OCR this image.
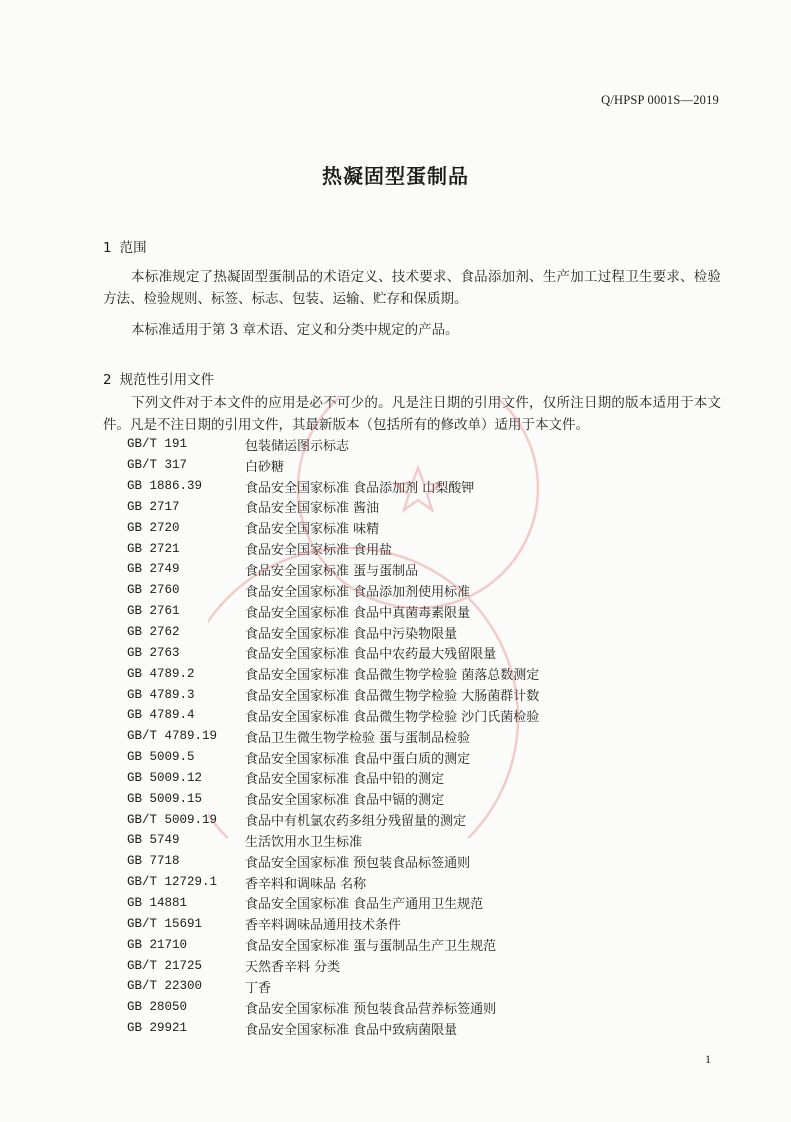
Q/HPSP 0001S—2019
热凝固型蛋制品
1 范围
本标准规定了热凝固型蛋制品的术语定义、技术要求、食品添加剂、生产加工过程卫生要求、检验方法、检验规则、标签、标志、包装、运输、贮存和保质期。
本标准适用于第 3 章术语、定义和分类中规定的产品。
2 规范性引用文件
下列文件对于本文件的应用是必不可少的。凡是注日期的引用文件，仅所注日期的版本适用于本文件。凡是不注日期的引用文件，其最新版本（包括所有的修改单）适用于本文件。
GB/T 191	包装储运图示标志
GB/T 317	白砂糖
GB 1886.39	食品安全国家标准 食品添加剂 山梨酸钾
GB 2717	食品安全国家标准 酱油
GB 2720	食品安全国家标准 味精
GB 2721	食品安全国家标准 食用盐
GB 2749	食品安全国家标准 蛋与蛋制品
GB 2760	食品安全国家标准 食品添加剂使用标准
GB 2761	食品安全国家标准 食品中真菌毒素限量
GB 2762	食品安全国家标准 食品中污染物限量
GB 2763	食品安全国家标准 食品中农药最大残留限量
GB 4789.2	食品安全国家标准 食品微生物学检验 菌落总数测定
GB 4789.3	食品安全国家标准 食品微生物学检验 大肠菌群计数
GB 4789.4	食品安全国家标准 食品微生物学检验 沙门氏菌检验
GB/T 4789.19	食品卫生微生物学检验 蛋与蛋制品检验
GB 5009.5	食品安全国家标准 食品中蛋白质的测定
GB 5009.12	食品安全国家标准 食品中铅的测定
GB 5009.15	食品安全国家标准 食品中镉的测定
GB/T 5009.19	食品中有机氯农药多组分残留量的测定
GB 5749	生活饮用水卫生标准
GB 7718	食品安全国家标准 预包装食品标签通则
GB/T 12729.1	香辛料和调味品 名称
GB 14881	食品安全国家标准 食品生产通用卫生规范
GB/T 15691	香辛料调味品通用技术条件
GB 21710	食品安全国家标准 蛋与蛋制品生产卫生规范
GB/T 21725	天然香辛料 分类
GB/T 22300	丁香
GB 28050	食品安全国家标准 预包装食品营养标签通则
GB 29921	食品安全国家标准 食品中致病菌限量
1
